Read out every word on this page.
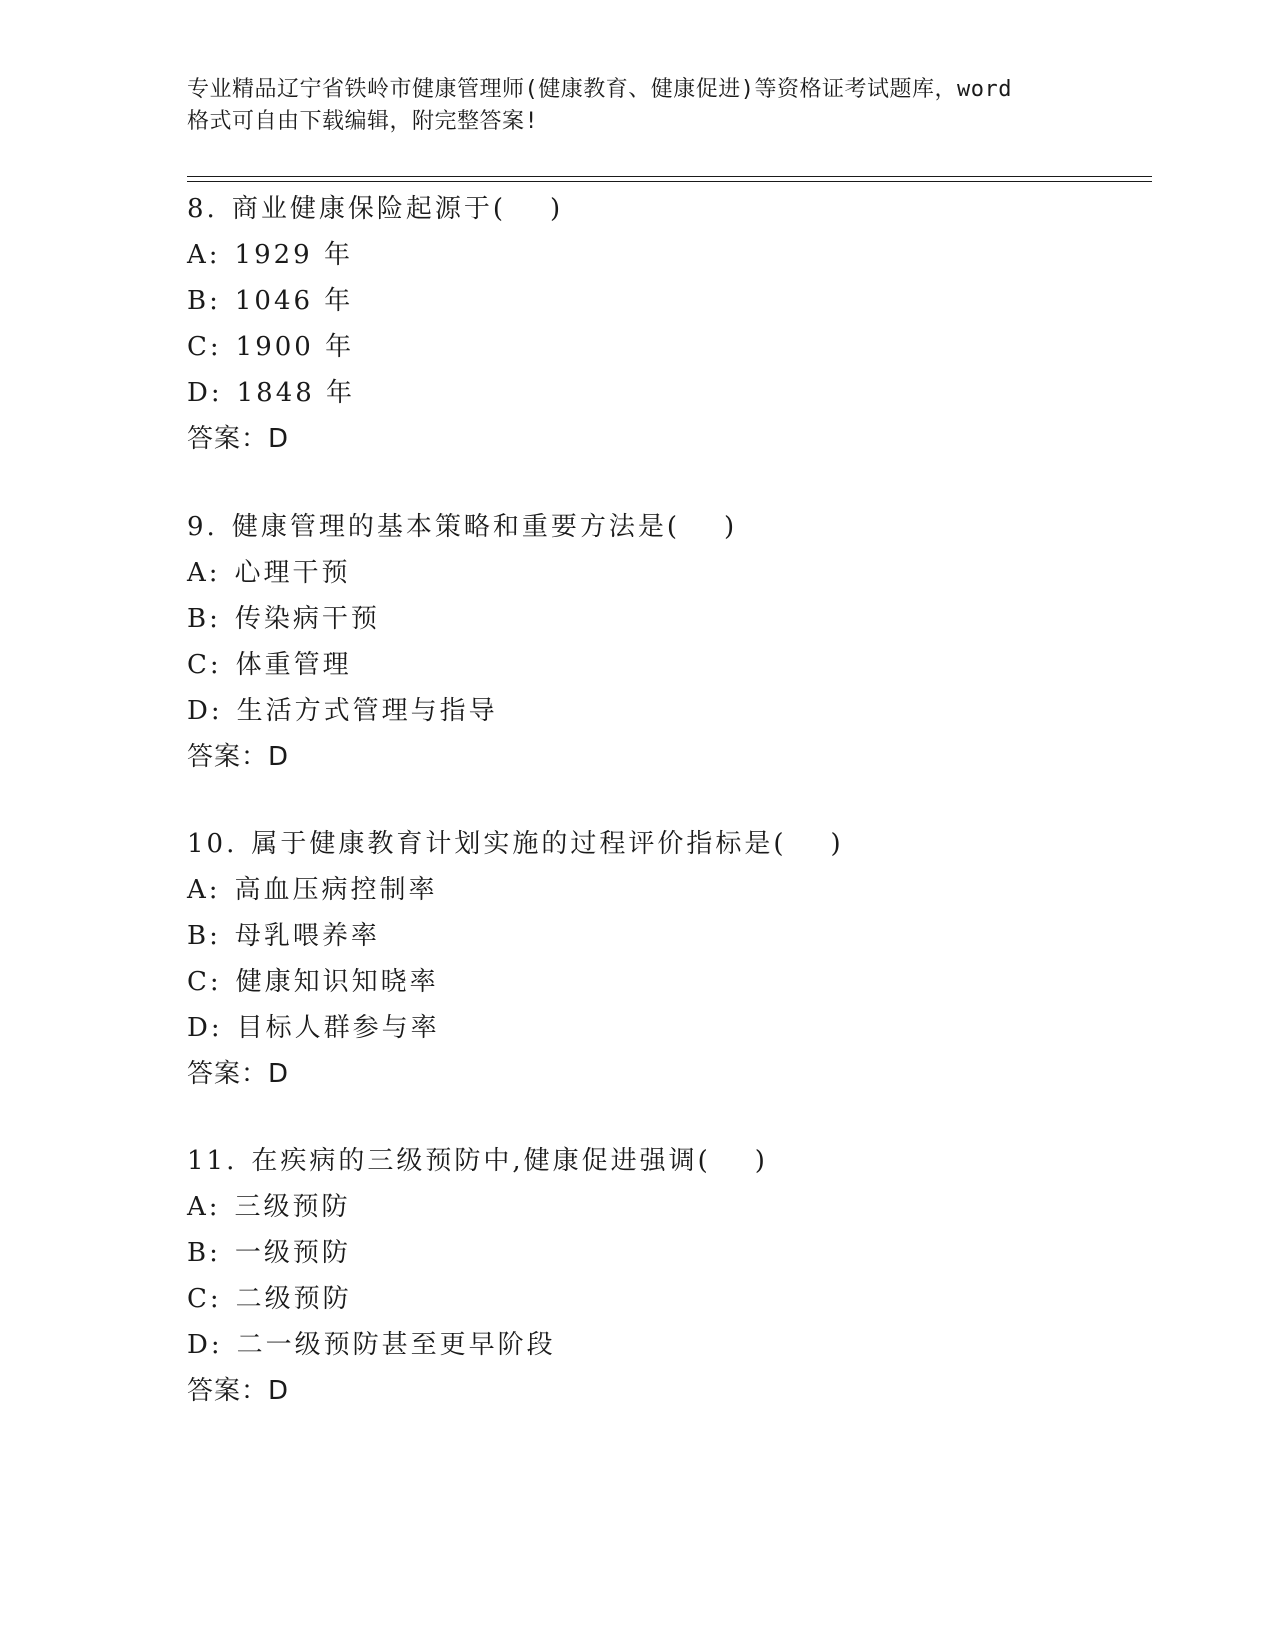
专业精品辽宁省铁岭市健康管理师(健康教育、健康促进)等资格证考试题库，word
格式可自由下载编辑，附完整答案!
8. 商业健康保险起源于( )
A: 1929 年
B: 1046 年
C: 1900 年
D: 1848 年
答案：D
9. 健康管理的基本策略和重要方法是( )
A: 心理干预
B: 传染病干预
C: 体重管理
D: 生活方式管理与指导
答案：D
10. 属于健康教育计划实施的过程评价指标是( )
A: 高血压病控制率
B: 母乳喂养率
C: 健康知识知晓率
D: 目标人群参与率
答案：D
11. 在疾病的三级预防中,健康促进强调( )
A: 三级预防
B: 一级预防
C: 二级预防
D: 二一级预防甚至更早阶段
答案：D
